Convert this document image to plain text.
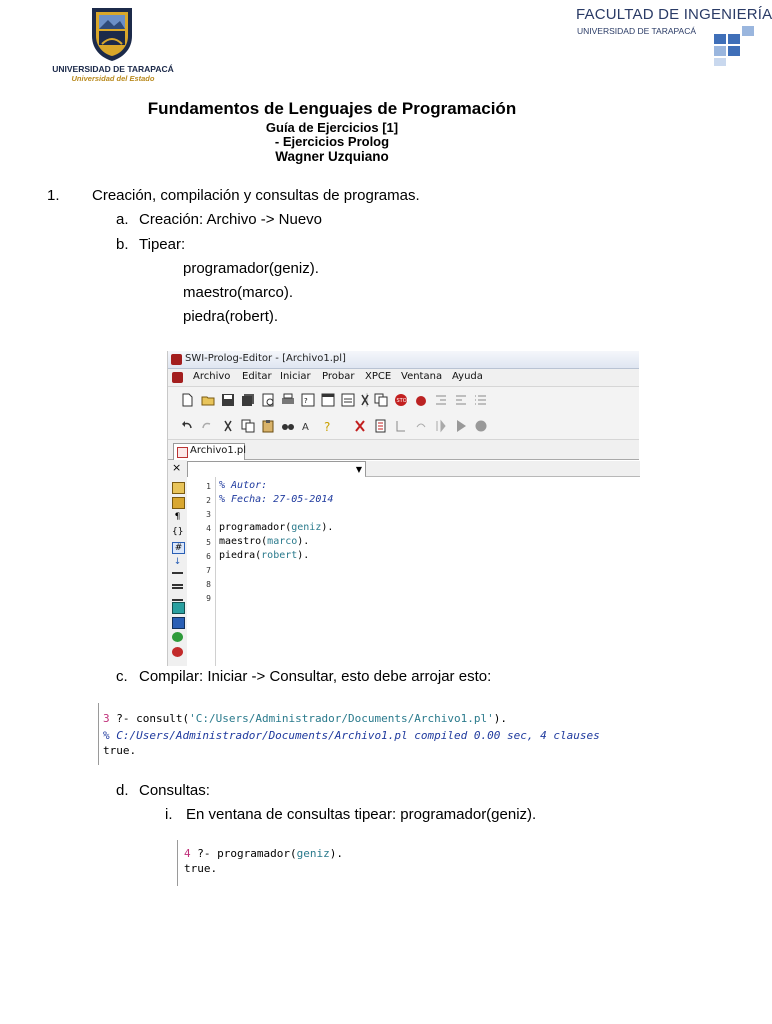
UNIVERSIDAD DE TARAPACÁ
Universidad del Estado
FACULTAD DE INGENIERÍA
UNIVERSIDAD DE TARAPACÁ
Fundamentos de Lenguajes de Programación
Guía de Ejercicios [1]
- Ejercicios Prolog
Wagner Uzquiano
1. Creación, compilación y consultas de programas.
a. Creación: Archivo -> Nuevo
b. Tipear:
programador(geniz).
maestro(marco).
piedra(robert).
SWI-Prolog-Editor - [Archivo1.pl]
Archivo Editar Iniciar Probar XPCE Ventana Ayuda
?	STOP
A ?
Archivo1.pl
×
¶
{}
#
↓
▼
1
2
3
4
5
6
7
8
9
% Autor:
% Fecha: 27-05-2014
programador(geniz).
maestro(marco).
piedra(robert).
c. Compilar: Iniciar -> Consultar, esto debe arrojar esto:
3 ?- consult('C:/Users/Administrador/Documents/Archivo1.pl').
% C:/Users/Administrador/Documents/Archivo1.pl compiled 0.00 sec, 4 clauses
true.
d. Consultas:
i. En ventana de consultas tipear: programador(geniz).
4 ?- programador(geniz).
true.
